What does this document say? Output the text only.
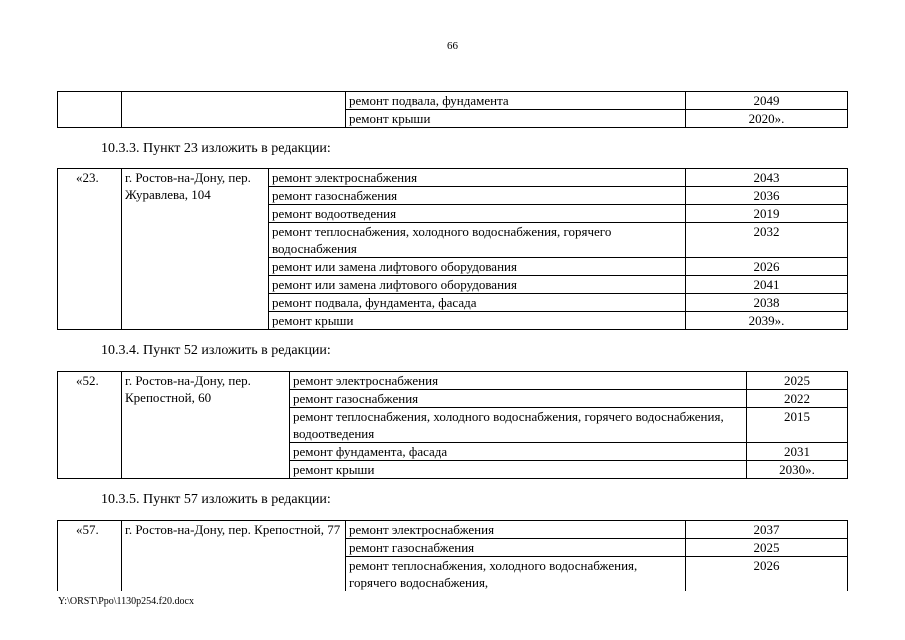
66
		ремонт подвала, фундамента	2049
		ремонт крыши	2020».
10.3.3. Пункт 23 изложить в редакции:
«23.	г. Ростов-на-Дону, пер. Журавлева, 104	ремонт электроснабжения	2043
		ремонт газоснабжения	2036
		ремонт водоотведения	2019
		ремонт теплоснабжения, холодного водоснабжения, горячего водоснабжения	2032
		ремонт или замена лифтового оборудования	2026
		ремонт или замена лифтового оборудования	2041
		ремонт подвала, фундамента, фасада	2038
		ремонт крыши	2039».
10.3.4. Пункт 52 изложить в редакции:
«52.	г. Ростов-на-Дону, пер. Крепостной, 60	ремонт электроснабжения	2025
		ремонт газоснабжения	2022
		ремонт теплоснабжения, холодного водоснабжения, горячего водоснабжения, водоотведения	2015
		ремонт фундамента, фасада	2031
		ремонт крыши	2030».
10.3.5. Пункт 57 изложить в редакции:
«57.	г. Ростов-на-Дону, пер. Крепостной, 77	ремонт электроснабжения	2037
		ремонт газоснабжения	2025
		ремонт теплоснабжения, холодного водоснабжения, горячего водоснабжения,	2026
Y:\ORST\Ppo\1130p254.f20.docx
